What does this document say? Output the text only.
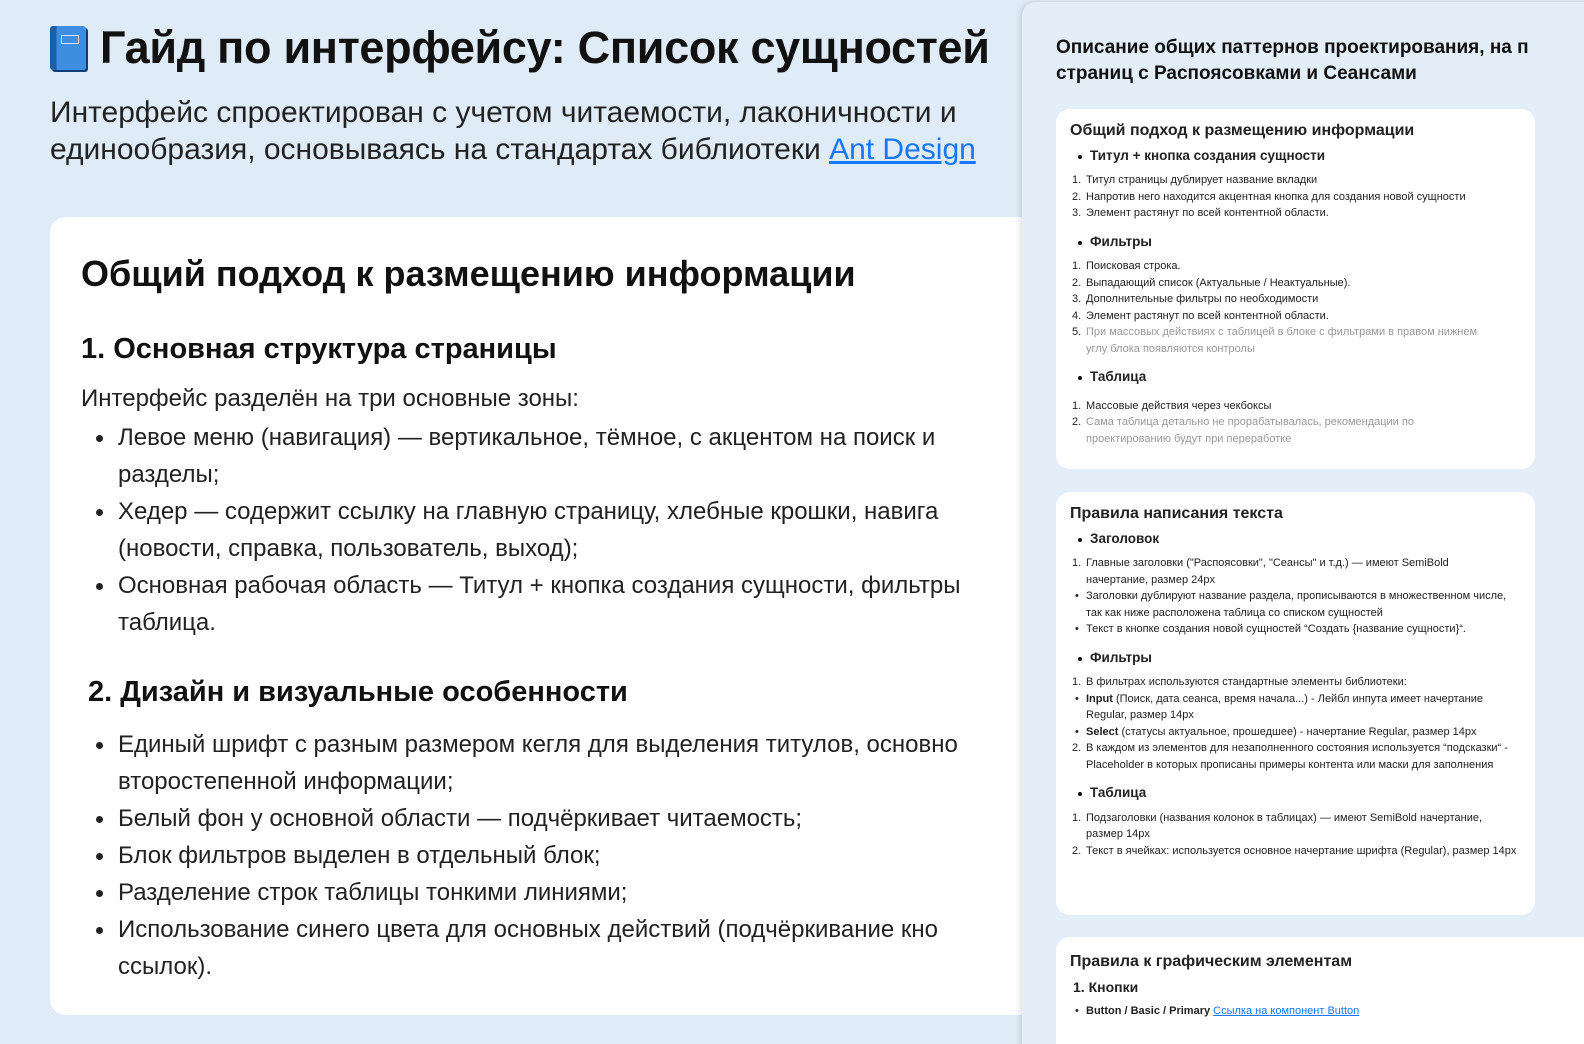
Гайд по интерфейсу: Список сущностей
Интерфейс спроектирован с учетом читаемости, лаконичности и
единообразия, основываясь на стандартах библиотеки Ant Design
Общий подход к размещению информации
1. Основная структура страницы
Интерфейс разделён на три основные зоны:
Левое меню (навигация) — вертикальное, тёмное, с акцентом на поиск и
разделы;
Хедер — содержит ссылку на главную страницу, хлебные крошки, навига
(новости, справка, пользователь, выход);
Основная рабочая область — Титул + кнопка создания сущности, фильтры
таблица.
2. Дизайн и визуальные особенности
Единый шрифт с разным размером кегля для выделения титулов, основно
второстепенной информации;
Белый фон у основной области — подчёркивает читаемость;
Блок фильтров выделен в отдельный блок;
Разделение строк таблицы тонкими линиями;
Использование синего цвета для основных действий (подчёркивание кно
ссылок).
Описание общих паттернов проектирования, на п
страниц с Распоясовками и Сеансами
Общий подход к размещению информации
Титул + кнопка создания сущности
1. Титул страницы дублирует название вкладки
2. Напротив него находится акцентная кнопка для создания новой сущности
3. Элемент растянут по всей контентной области.
Фильтры
1. Поисковая строка.
2. Выпадающий список (Актуальные / Неактуальные).
3. Дополнительные фильтры по необходимости
4. Элемент растянут по всей контентной области.
5. При массовых действиях с таблицей в блоке с фильтрами в правом нижнем углу блока появляются контролы
Таблица
1. Массовые действия через чекбоксы
2. Сама таблица детально не прорабатывалась, рекомендации по проектированию будут при переработке
Правила написания текста
Заголовок
1. Главные заголовки ("Распоясовки", "Сеансы" и т.д.) — имеют SemiBold начертание, размер 24px
• Заголовки дублируют название раздела, прописываются в множественном числе, так как ниже расположена таблица со списком сущностей
• Текст в кнопке создания новой сущностей “Создать {название сущности}“.
Фильтры
1. В фильтрах используются стандартные элементы библиотеки:
• Input (Поиск, дата сеанса, время начала...) - Лейбл инпута имеет начертание Regular, размер 14px
• Select (статусы актуальное, прошедшее) - начертание Regular, размер 14px
2. В каждом из элементов для незаполненного состояния используется “подсказки“ - Placeholder в которых прописаны примеры контента или маски для заполнения
Таблица
1. Подзаголовки (названия колонок в таблицах) — имеют SemiBold начертание, размер 14px
2. Текст в ячейках: используется основное начертание шрифта (Regular), размер 14px
Правила к графическим элементам
1. Кнопки
• Button / Basic / Primary Ссылка на компонент Button
